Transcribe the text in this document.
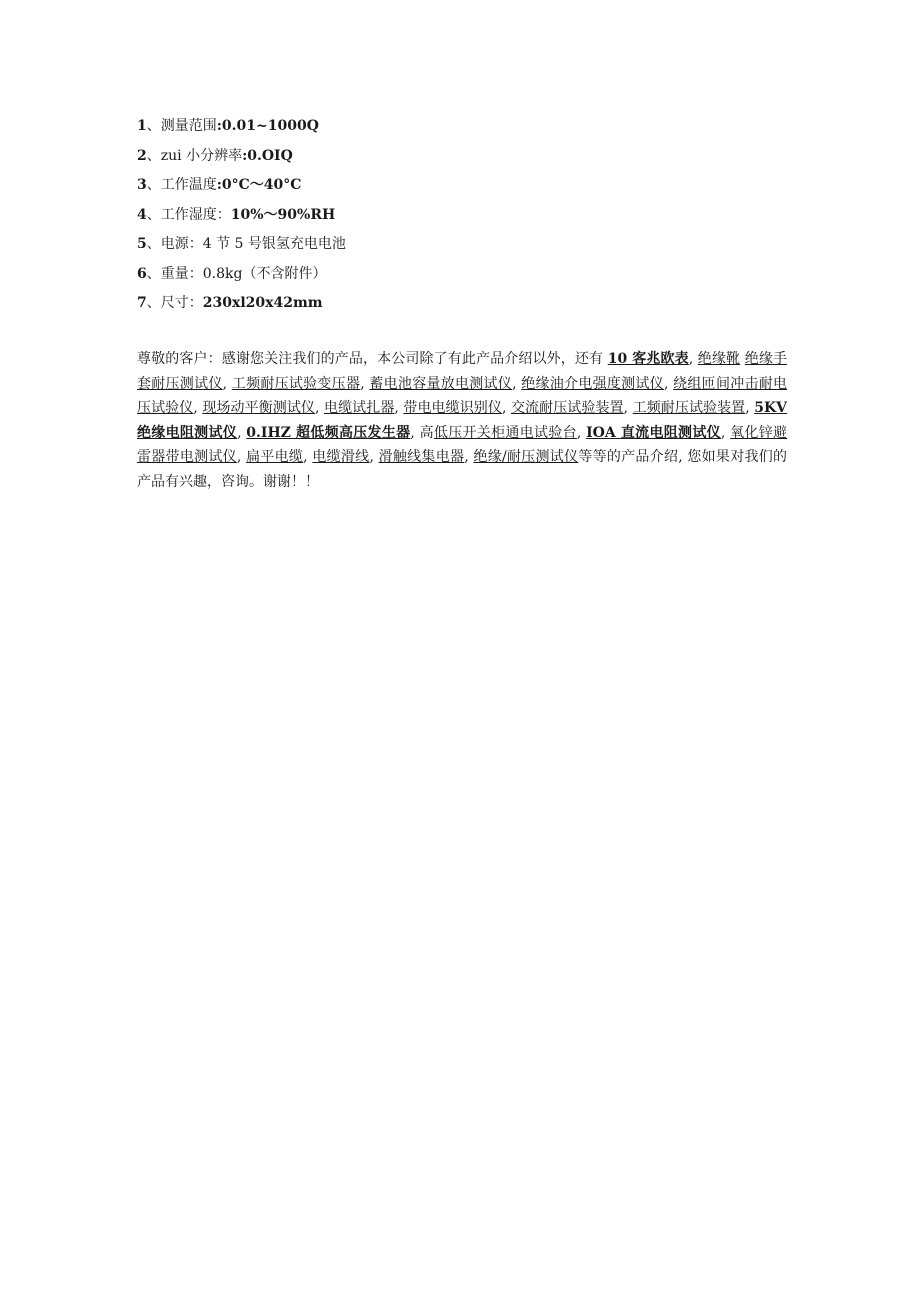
1、测量范围:0.01~1000Q
2、zui 小分辨率:0.OIQ
3、工作温度:0°C～40°C
4、工作湿度：10%～90%RH
5、电源：4 节 5 号银氢充电电池
6、重量：0.8kg（不含附件）
7、尺寸：230xl20x42mm

尊敬的客户：感谢您关注我们的产品，本公司除了有此产品介绍以外，还有 10 客兆欧表, 绝缘靴 绝缘手套耐压测试仪, 工频耐压试验变压器, 蓄电池容量放电测试仪, 绝缘油介电强度测试仪, 绕组匝间冲击耐电压试验仪, 现场动平衡测试仪, 电缆试扎器, 带电电缆识别仪, 交流耐压试验装置, 工频耐压试验装置, 5KV 绝缘电阻测试仪, 0.IHZ 超低频高压发生器, 高低压开关柜通电试验台, IOA 直流电阻测试仪, 氧化锌避雷器带电测试仪, 扁平电缆, 电缆滑线, 滑触线集电器, 绝缘/耐压测试仪等等的产品介绍, 您如果对我们的产品有兴趣，咨询。谢谢！！
